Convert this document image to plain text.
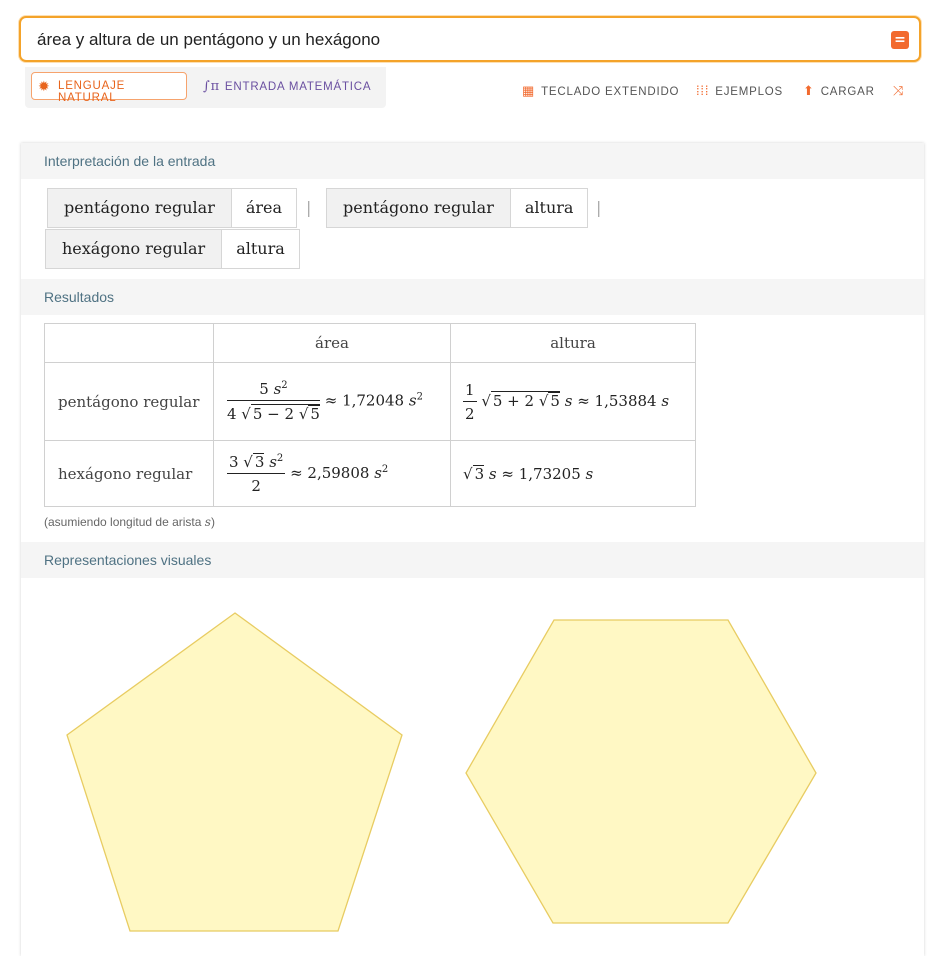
área y altura de un pentágono y un hexágono	=
✹ LENGUAJE NATURAL
∫π ENTRADA MATEMÁTICA	▦ TECLADO EXTENDIDO ⁞⁞⁞ EJEMPLOS ⬆ CARGAR ⤨
Interpretación de la entrada
pentágono regular	área	|	pentágono regular	altura	|
hexágono regular	altura
Resultados
	área	altura
pentágono regular	$\frac{5 s^2}{4 √ 5 - 2 √ 5} \approx 1,72048$ $s^2$	$\frac{1}{2}$ √ 5 + 2 √ 5 s ≈ 1,53884 s
hexágono regular	$\frac{3 √ 3 s^2}{2} \approx 2,59808$ $s^2$	√ 3 s ≈ 1,73205 s
(asumiendo longitud de arista s)
Representaciones visuales
